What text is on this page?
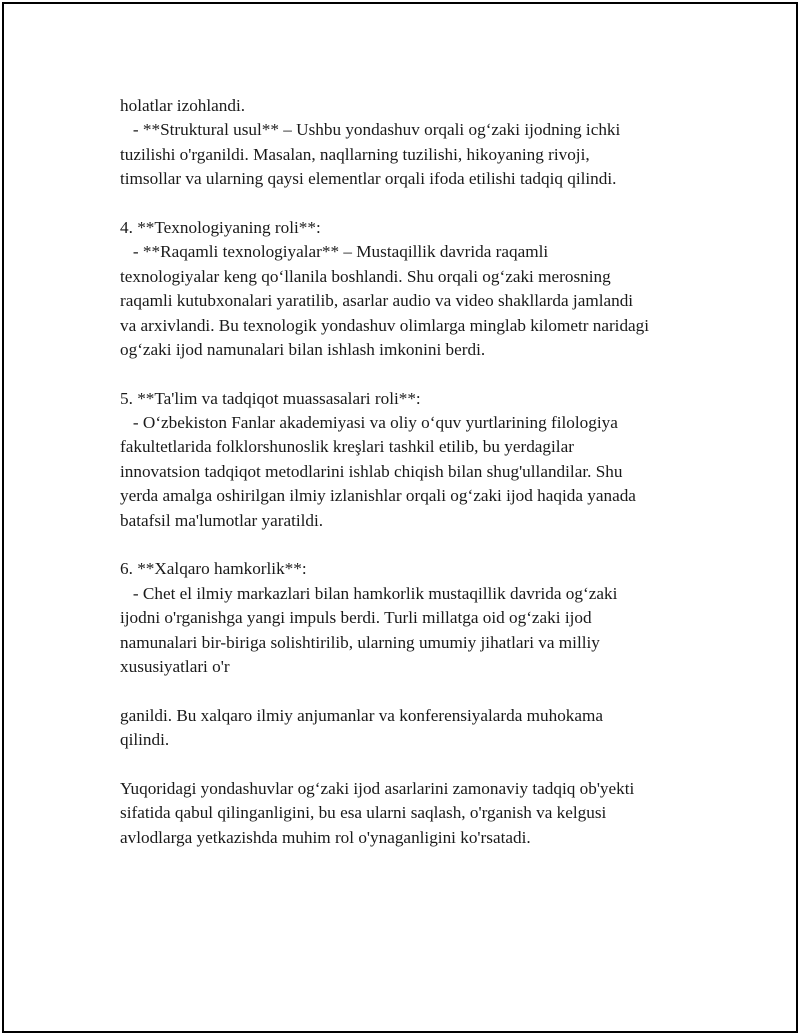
holatlar izohlandi.
- **Struktural usul** – Ushbu yondashuv orqali og‘zaki ijodning ichki
tuzilishi o'rganildi. Masalan, naqllarning tuzilishi, hikoyaning rivoji,
timsollar va ularning qaysi elementlar orqali ifoda etilishi tadqiq qilindi.
4. **Texnologiyaning roli**:
- **Raqamli texnologiyalar** – Mustaqillik davrida raqamli
texnologiyalar keng qo‘llanila boshlandi. Shu orqali og‘zaki merosning
raqamli kutubxonalari yaratilib, asarlar audio va video shakllarda jamlandi
va arxivlandi. Bu texnologik yondashuv olimlarga minglab kilometr naridagi
og‘zaki ijod namunalari bilan ishlash imkonini berdi.
5. **Ta'lim va tadqiqot muassasalari roli**:
- O‘zbekiston Fanlar akademiyasi va oliy o‘quv yurtlarining filologiya
fakultetlarida folklorshunoslik kreşlari tashkil etilib, bu yerdagilar
innovatsion tadqiqot metodlarini ishlab chiqish bilan shug'ullandilar. Shu
yerda amalga oshirilgan ilmiy izlanishlar orqali og‘zaki ijod haqida yanada
batafsil ma'lumotlar yaratildi.
6. **Xalqaro hamkorlik**:
- Chet el ilmiy markazlari bilan hamkorlik mustaqillik davrida og‘zaki
ijodni o'rganishga yangi impuls berdi. Turli millatga oid og‘zaki ijod
namunalari bir-biriga solishtirilib, ularning umumiy jihatlari va milliy
xususiyatlari o'r
ganildi. Bu xalqaro ilmiy anjumanlar va konferensiyalarda muhokama
qilindi.
Yuqoridagi yondashuvlar og‘zaki ijod asarlarini zamonaviy tadqiq ob'yekti
sifatida qabul qilinganligini, bu esa ularni saqlash, o'rganish va kelgusi
avlodlarga yetkazishda muhim rol o'ynaganligini ko'rsatadi.
